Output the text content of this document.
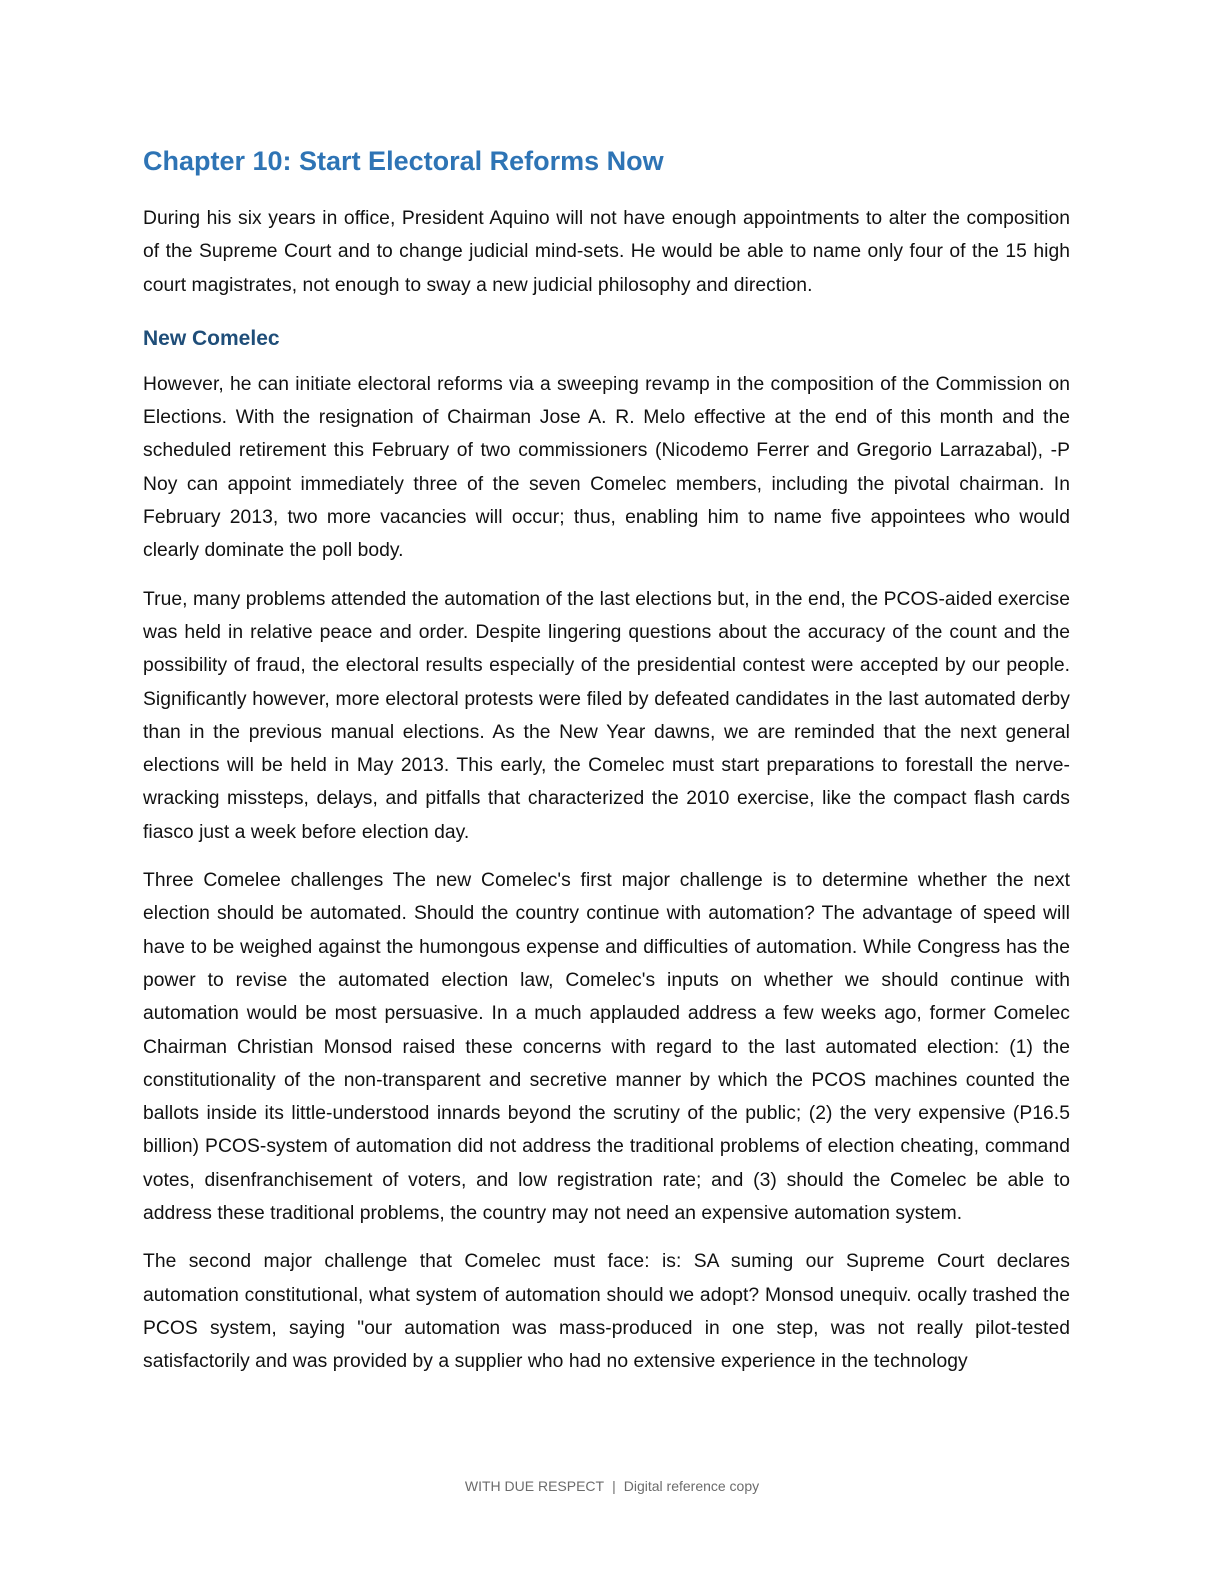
Chapter 10: Start Electoral Reforms Now

During his six years in office, President Aquino will not have enough appointments to alter the composition of the Supreme Court and to change judicial mind-sets. He would be able to name only four of the 15 high court magistrates, not enough to sway a new judicial philosophy and direction.

New Comelec

However, he can initiate electoral reforms via a sweeping revamp in the composition of the Commission on Elections. With the resignation of Chairman Jose A. R. Melo effective at the end of this month and the scheduled retirement this February of two commissioners (Nicodemo Ferrer and Gregorio Larrazabal), -P Noy can appoint immediately three of the seven Comelec members, including the pivotal chairman. In February 2013, two more vacancies will occur; thus, enabling him to name five appointees who would clearly dominate the poll body.

True, many problems attended the automation of the last elections but, in the end, the PCOS-aided exercise was held in relative peace and order. Despite lingering questions about the accuracy of the count and the possibility of fraud, the electoral results especially of the presidential contest were accepted by our people. Significantly however, more electoral protests were filed by defeated candidates in the last automated derby than in the previous manual elections. As the New Year dawns, we are reminded that the next general elections will be held in May 2013. This early, the Comelec must start preparations to forestall the nerve-wracking missteps, delays, and pitfalls that characterized the 2010 exercise, like the compact flash cards fiasco just a week before election day.

Three Comelee challenges The new Comelec's first major challenge is to determine whether the next election should be automated. Should the country continue with automation? The advantage of speed will have to be weighed against the humongous expense and difficulties of automation. While Congress has the power to revise the automated election law, Comelec's inputs on whether we should continue with automation would be most persuasive. In a much applauded address a few weeks ago, former Comelec Chairman Christian Monsod raised these concerns with regard to the last automated election: (1) the constitutionality of the non-transparent and secretive manner by which the PCOS machines counted the ballots inside its little-understood innards beyond the scrutiny of the public; (2) the very expensive (P16.5 billion) PCOS-system of automation did not address the traditional problems of election cheating, command votes, disenfranchisement of voters, and low registration rate; and (3) should the Comelec be able to address these traditional problems, the country may not need an expensive automation system.

The second major challenge that Comelec must face: is: SA suming our Supreme Court declares automation constitutional, what system of automation should we adopt? Monsod unequiv. ocally trashed the PCOS system, saying "our automation was mass-produced in one step, was not really pilot-tested satisfactorily and was provided by a supplier who had no extensive experience in the technology

WITH DUE RESPECT | Digital reference copy
